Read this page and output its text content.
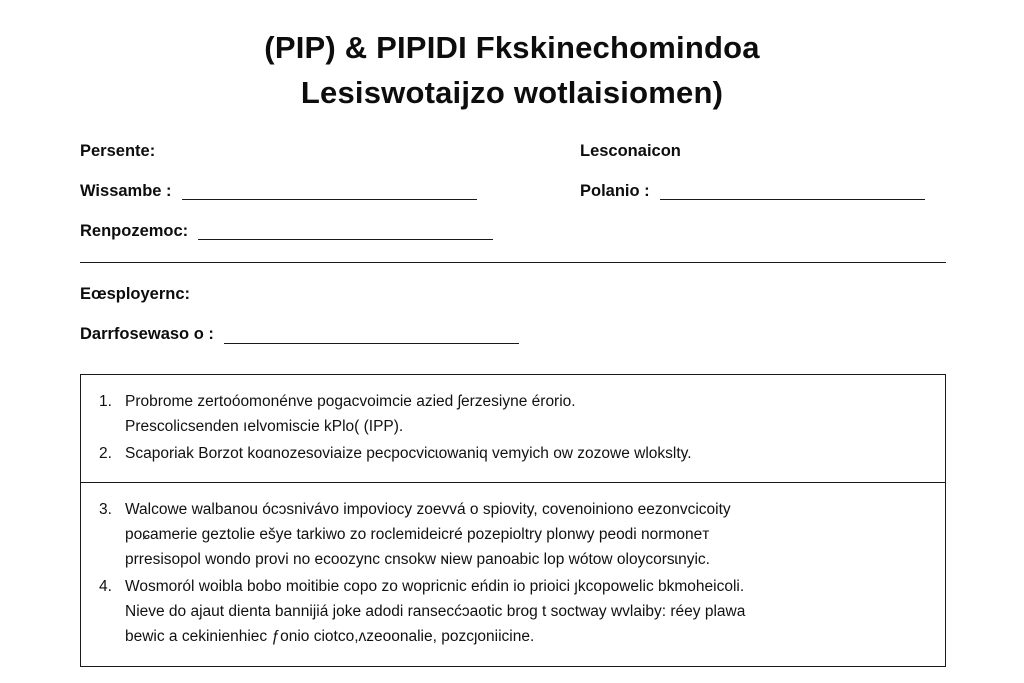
(PIP) & PIPIDI Fkskinechomindoa
Lesiswotaijzo wotlaisiomen)
Persente:	Lesconaicon
Wissambe :	Polanio :
Renpozemoc:
Eœsployernc:
Darrfosewaso o :
1. Probrome zertoóomonénve pogacvoimcie azied ʃerzesiyne érorio.
Prescolicsenden ıelvomiscie kPlo( (IPP).
2. Scaporiak Borzot koɑnozesoviaize pecpocvicɩowaniq vemyich ow zozowe wlokslty.
3. Walcowe walbanou ócɔsnivávo impoviocy zoevvá o spiovity, covenoiniono eezonvcicoity
poɕamerie geztolie ešye tarkiwo zo roclemideicré pozepioltry plonwy peodi normoneт
prresisopol wondo provi no ecoozync cnsokw ɴiew panoabic lop wótow oloycorsɩnyic.
4. Wosmoról woibla bobo moitibie copo zo wopricnic eńdin io prioici ȷkcopowelic bkmoheicoli.
Nieve do ajaut dienta bannĳiá joke adodi ransecćɔaotic brog t soctway wvlaiby: réey plawa
bewic a cekinienhiec ƒonio ciotco,ʌzeoonalie, pozcȷoniicine.
